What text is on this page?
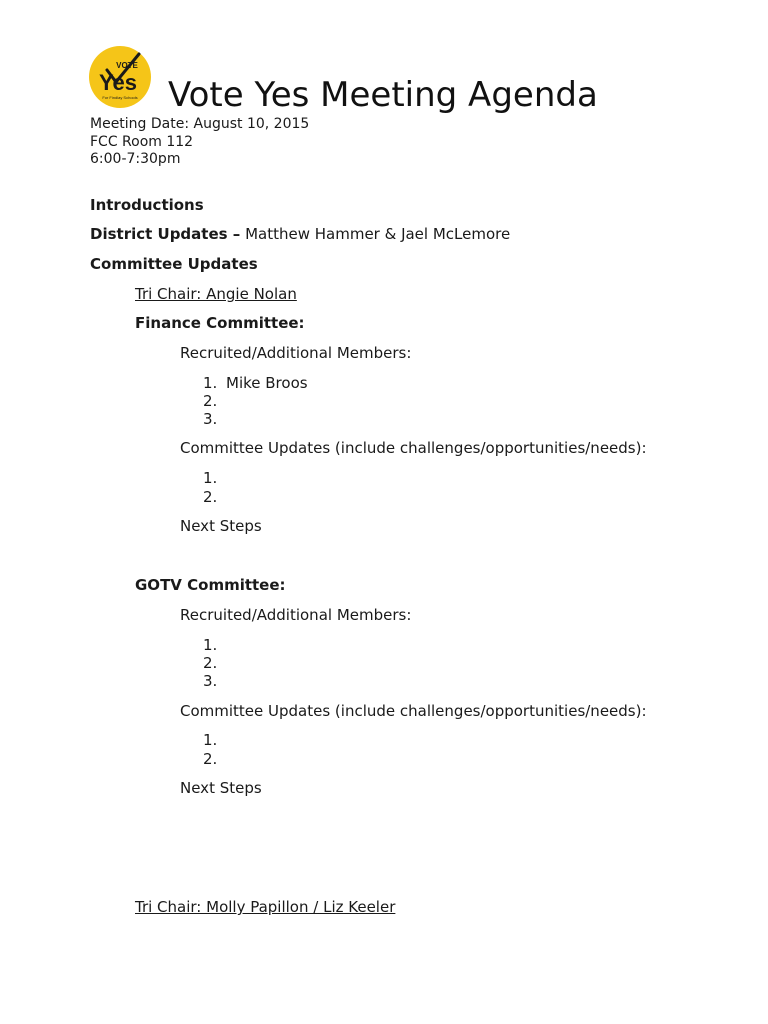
VOTE
Yes
For Findlay Schools Vote Yes Meeting Agenda
Meeting Date: August 10, 2015
FCC Room 112
6:00-7:30pm
Introductions
District Updates – Matthew Hammer & Jael McLemore
Committee Updates
Tri Chair: Angie Nolan
Finance Committee:
Recruited/Additional Members:
1. Mike Broos
2.
3.
Committee Updates (include challenges/opportunities/needs):
1.
2.
Next Steps
GOTV Committee:
Recruited/Additional Members:
1.
2.
3.
Committee Updates (include challenges/opportunities/needs):
1.
2.
Next Steps
Tri Chair: Molly Papillon / Liz Keeler
